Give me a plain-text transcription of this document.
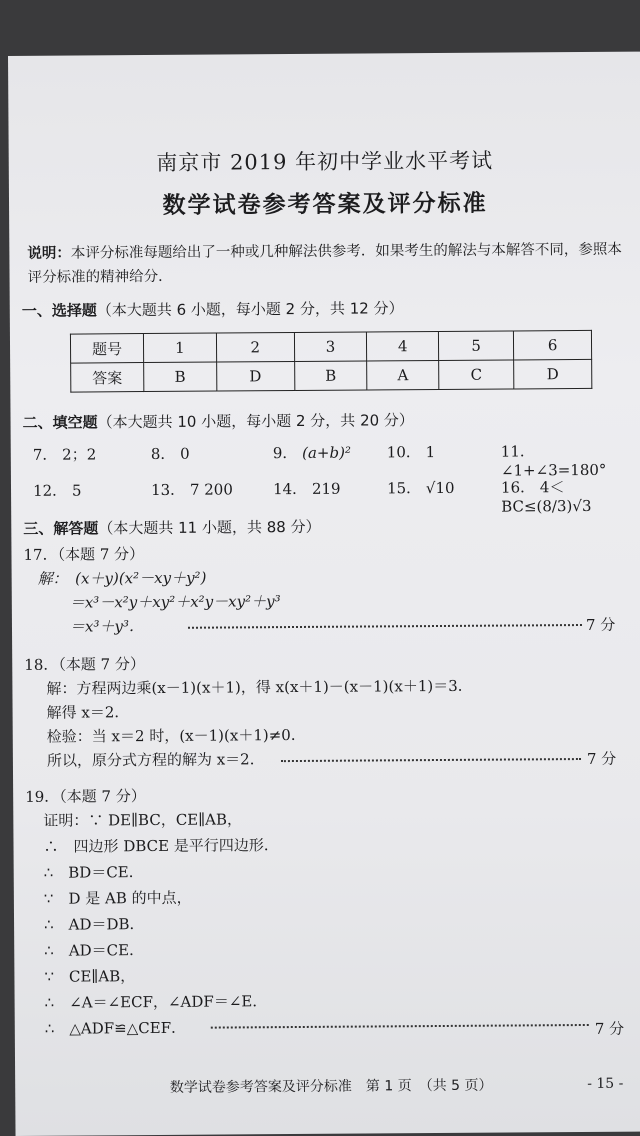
南京市 2019 年初中学业水平考试
数学试卷参考答案及评分标准
说明：本评分标准每题给出了一种或几种解法供参考．如果考生的解法与本解答不同，参照本评分标准的精神给分．
一、选择题（本大题共 6 小题，每小题 2 分，共 12 分）
题号	1	2	3	4	5	6
答案	B	D	B	A	C	D
二、填空题（本大题共 10 小题，每小题 2 分，共 20 分）
7． 2；2	8． 0	9． (a+b)² 10． 1	11． ∠1+∠3=180°
12． 5	13． 7 200	14． 219	15． √10	16． 4＜BC≤(8/3)√3
三、解答题（本大题共 11 小题，共 88 分）
17．（本题 7 分）
解：　(x＋y)(x²－xy＋y²)
＝x³－x²y＋xy²＋x²y－xy²＋y³
＝x³＋y³．	7 分
18．（本题 7 分）
解：方程两边乘(x－1)(x＋1)，得 x(x＋1)－(x－1)(x＋1)＝3．
解得 x＝2．
检验：当 x＝2 时，(x－1)(x＋1)≠0．
所以，原分式方程的解为 x＝2．	7 分
19．（本题 7 分）
证明：∵ DE∥BC，CE∥AB，
∴　四边形 DBCE 是平行四边形．
∴　BD＝CE．
∵　D 是 AB 的中点，
∴　AD＝DB．
∴　AD＝CE．
∵　CE∥AB，
∴　∠A＝∠ECF，∠ADF＝∠E．
∴　△ADF≌△CEF．	7 分
数学试卷参考答案及评分标准　第 1 页　（共 5 页）	- 15 -
